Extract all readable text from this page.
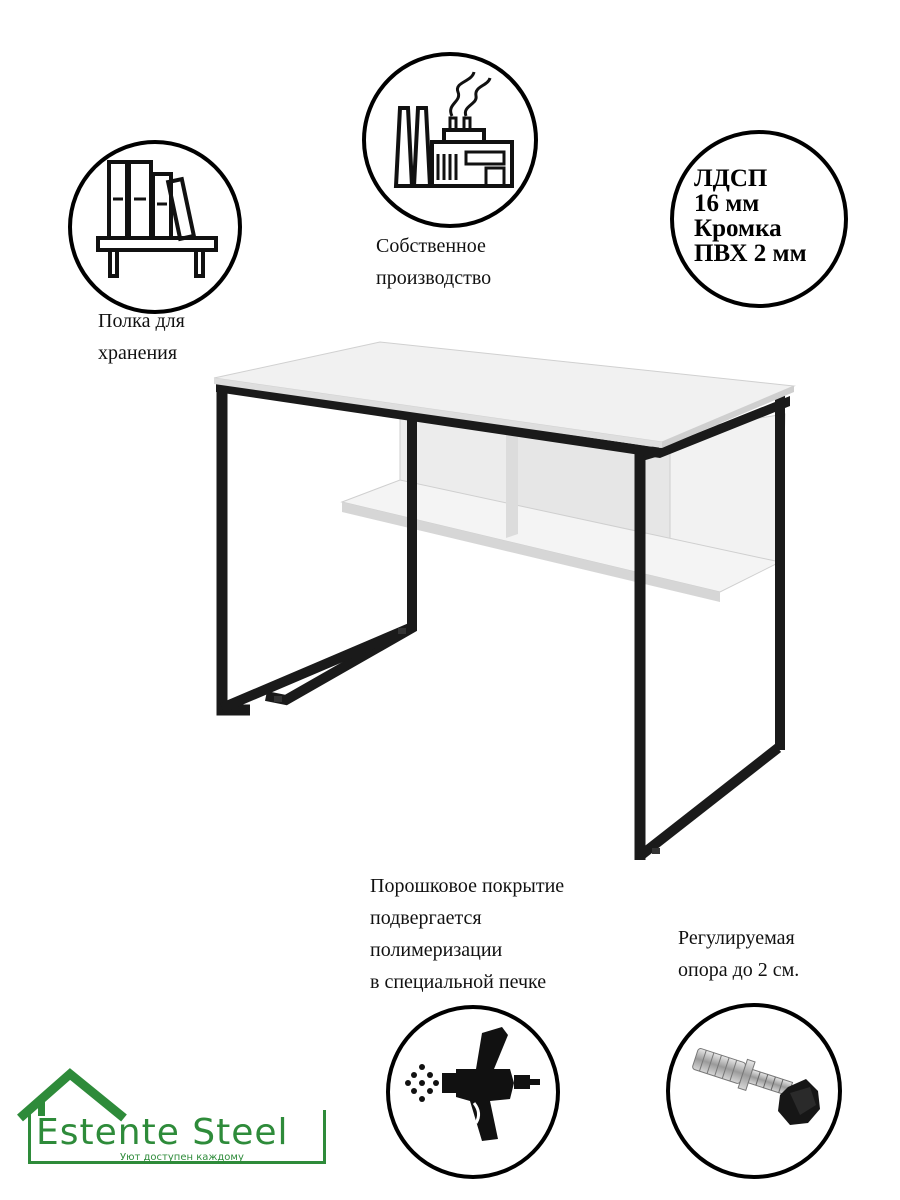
Полка для
хранения
Собственное
производство
ЛДСП
16 мм
Кромка
ПВХ 2 мм
Порошковое покрытие
подвергается
полимеризации
в специальной печке
Регулируемая
опора до 2 см.
Estente Steel
Уют доступен каждому
